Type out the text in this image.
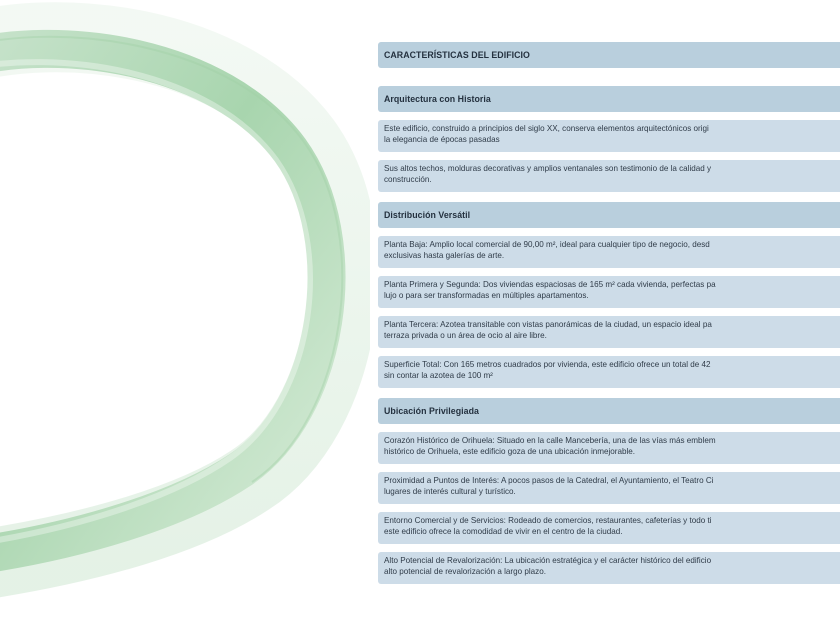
CARACTERÍSTICAS DEL EDIFICIO
Arquitectura con Historia
Este edificio, construido a principios del siglo XX, conserva elementos arquitectónicos origi
la elegancia de épocas pasadas
Sus altos techos, molduras decorativas y amplios ventanales son testimonio de la calidad y
construcción.
Distribución Versátil
Planta Baja: Amplio local comercial de 90,00 m², ideal para cualquier tipo de negocio, desd
exclusivas hasta galerías de arte.
Planta Primera y Segunda: Dos viviendas espaciosas de 165 m² cada vivienda, perfectas pa
lujo o para ser transformadas en múltiples apartamentos.
Planta Tercera: Azotea transitable con vistas panorámicas de la ciudad, un espacio ideal pa
terraza privada o un área de ocio al aire libre.
Superficie Total: Con 165 metros cuadrados por vivienda, este edificio ofrece un total de 42
sin contar la azotea de 100 m²
Ubicación Privilegiada
Corazón Histórico de Orihuela: Situado en la calle Mancebería, una de las vías más emblem
histórico de Orihuela, este edificio goza de una ubicación inmejorable.
Proximidad a Puntos de Interés: A pocos pasos de la Catedral, el Ayuntamiento, el Teatro Ci
lugares de interés cultural y turístico.
Entorno Comercial y de Servicios: Rodeado de comercios, restaurantes, cafeterías y todo ti
este edificio ofrece la comodidad de vivir en el centro de la ciudad.
Alto Potencial de Revalorización: La ubicación estratégica y el carácter histórico del edificio
alto potencial de revalorización a largo plazo.
